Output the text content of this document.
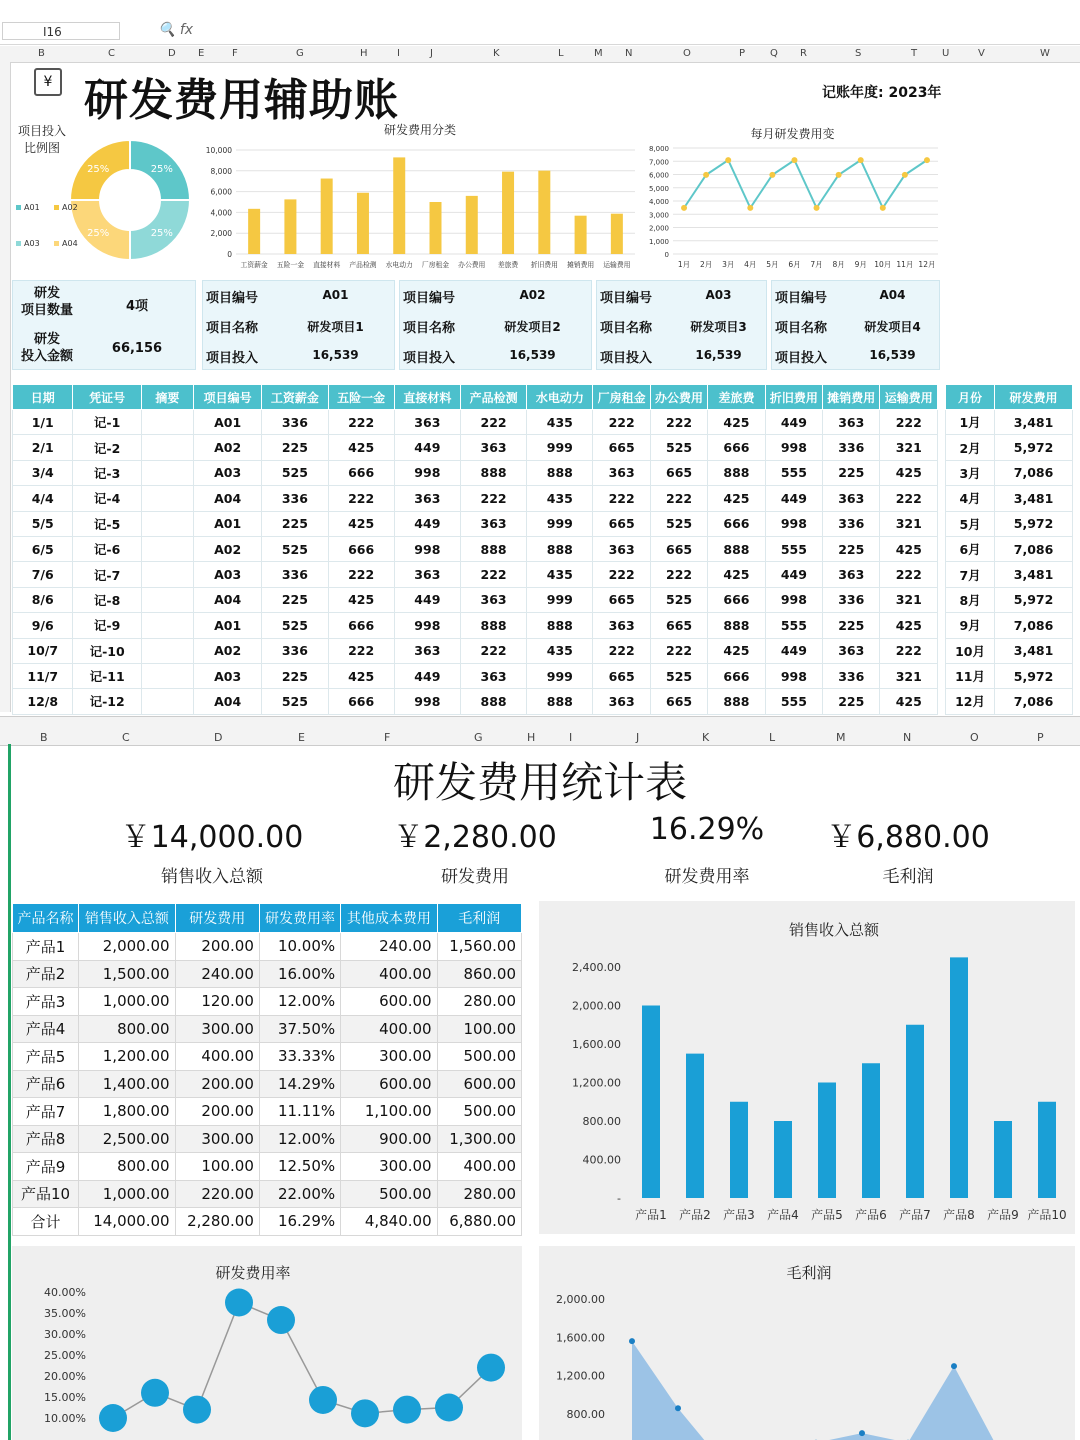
I16	🔍 fx
B	C	D E	F	G	H	I	J	K	L	M N	O	P Q R	S	T U	V	W
¥ 研发费用辅助账	记账年度: 2023年
项目投入
比例图
25%
25%
25%
25%
A01	A02
A03	A04
研发费用分类
0
2,000
4,000
6,000
8,000
10,000
工资薪金 五险一金 直接材料 产品检测 水电动力 厂房租金 办公费用 差旅费 折旧费用 摊销费用 运输费用
每月研发费用变
0
1,000
2,000
3,000
4,000
5,000
6,000
7,000
8,000
1月 2月 3月 4月 5月 6月 7月 8月 9月 10月 11月 12月
研发
项目数量	4项
研发
投入金额
66,156
项目编号	A01
项目名称	研发项目1
项目投入	16,539
项目编号	A02
项目名称	研发项目2
项目投入	16,539
项目编号	A03
项目名称	研发项目3
项目投入	16,539
项目编号	A04
项目名称	研发项目4
项目投入	16,539
日期	凭证号	摘要	项目编号	工资薪金	五险一金	直接材料	产品检测	水电动力	厂房租金	办公费用	差旅费	折旧费用	摊销费用	运输费用
1/1	记-1		A01	336	222	363	222	435	222	222	425	449	363	222
2/1	记-2		A02	225	425	449	363	999	665	525	666	998	336	321
3/4	记-3		A03	525	666	998	888	888	363	665	888	555	225	425
4/4	记-4		A04	336	222	363	222	435	222	222	425	449	363	222
5/5	记-5		A01	225	425	449	363	999	665	525	666	998	336	321
6/5	记-6		A02	525	666	998	888	888	363	665	888	555	225	425
7/6	记-7		A03	336	222	363	222	435	222	222	425	449	363	222
8/6	记-8		A04	225	425	449	363	999	665	525	666	998	336	321
9/6	记-9		A01	525	666	998	888	888	363	665	888	555	225	425
10/7	记-10		A02	336	222	363	222	435	222	222	425	449	363	222
11/7	记-11		A03	225	425	449	363	999	665	525	666	998	336	321
12/8	记-12		A04	525	666	998	888	888	363	665	888	555	225	425
月份	研发费用
1月	3,481
2月	5,972
3月	7,086
4月	3,481
5月	5,972
6月	7,086
7月	3,481
8月	5,972
9月	7,086
10月	3,481
11月	5,972
12月	7,086
B	C	D	E	F	G	H	I	J	K	L	M	N	O	P
研发费用统计表
￥14,000.00
销售收入总额
￥2,280.00
研发费用
16.29%
研发费用率
￥6,880.00
毛利润
产品名称	销售收入总额	研发费用	研发费用率	其他成本费用	毛利润
产品1	2,000.00	200.00	10.00%	240.00	1,560.00
产品2	1,500.00	240.00	16.00%	400.00	860.00
产品3	1,000.00	120.00	12.00%	600.00	280.00
产品4	800.00	300.00	37.50%	400.00	100.00
产品5	1,200.00	400.00	33.33%	300.00	500.00
产品6	1,400.00	200.00	14.29%	600.00	600.00
产品7	1,800.00	200.00	11.11%	1,100.00	500.00
产品8	2,500.00	300.00	12.00%	900.00	1,300.00
产品9	800.00	100.00	12.50%	300.00	400.00
产品10	1,000.00	220.00	22.00%	500.00	280.00
合计	14,000.00	2,280.00	16.29%	4,840.00	6,880.00
销售收入总额
-
400.00
800.00
1,200.00
1,600.00
2,000.00
2,400.00
产品1 产品2 产品3 产品4 产品5 产品6 产品7 产品8 产品9 产品10
研发费用率
10.00%
15.00%
20.00%
25.00%
30.00%
35.00%
40.00%
毛利润
800.00
1,200.00
1,600.00
2,000.00
